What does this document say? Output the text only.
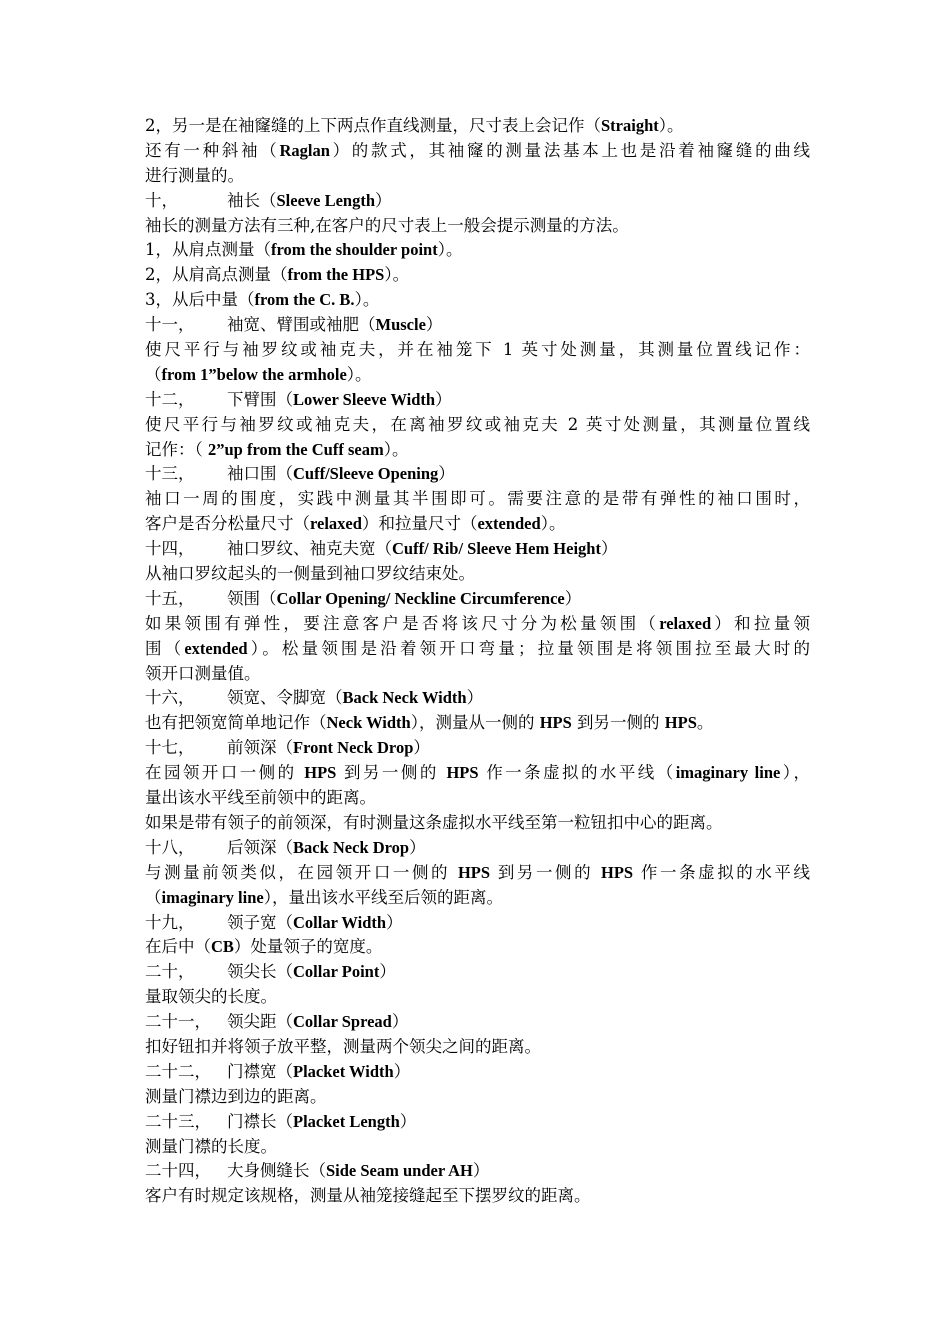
2，另一是在袖窿缝的上下两点作直线测量，尺寸表上会记作（Straight）。
还有一种斜袖（Raglan）的款式，其袖窿的测量法基本上也是沿着袖窿缝的曲线
进行测量的。
十，	袖长（Sleeve Length）
袖长的测量方法有三种,在客户的尺寸表上一般会提示测量的方法。
1，从肩点测量（from the shoulder point）。
2，从肩高点测量（from the HPS）。
3，从后中量（from the C. B.）。
十一， 袖宽、臂围或袖肥（Muscle）
使尺平行与袖罗纹或袖克夫，并在袖笼下 1 英寸处测量，其测量位置线记作：
（from 1”below the armhole）。
十二， 下臂围（Lower Sleeve Width）
使尺平行与袖罗纹或袖克夫，在离袖罗纹或袖克夫 2 英寸处测量，其测量位置线
记作：（ 2”up from the Cuff seam）。
十三， 袖口围（Cuff/Sleeve Opening）
袖口一周的围度，实践中测量其半围即可。需要注意的是带有弹性的袖口围时，
客户是否分松量尺寸（relaxed）和拉量尺寸（extended）。
十四， 袖口罗纹、袖克夫宽（Cuff/ Rib/ Sleeve Hem Height）
从袖口罗纹起头的一侧量到袖口罗纹结束处。
十五， 领围（Collar Opening/ Neckline Circumference）
如果领围有弹性，要注意客户是否将该尺寸分为松量领围（relaxed）和拉量领
围（extended）。松量领围是沿着领开口弯量；拉量领围是将领围拉至最大时的
领开口测量值。
十六， 领宽、令脚宽（Back Neck Width）
也有把领宽简单地记作（Neck Width），测量从一侧的 HPS 到另一侧的 HPS。
十七， 前领深（Front Neck Drop）
在园领开口一侧的 HPS 到另一侧的 HPS 作一条虚拟的水平线（imaginary line），
量出该水平线至前领中的距离。
如果是带有领子的前领深，有时测量这条虚拟水平线至第一粒钮扣中心的距离。
十八， 后领深（Back Neck Drop）
与测量前领类似，在园领开口一侧的 HPS 到另一侧的 HPS 作一条虚拟的水平线
（imaginary line），量出该水平线至后领的距离。
十九， 领子宽（Collar Width）
在后中（CB）处量领子的宽度。
二十， 领尖长（Collar Point）
量取领尖的长度。
二十一， 领尖距（Collar Spread）
扣好钮扣并将领子放平整，测量两个领尖之间的距离。
二十二， 门襟宽（Placket Width）
测量门襟边到边的距离。
二十三， 门襟长（Placket Length）
测量门襟的长度。
二十四， 大身侧缝长（Side Seam under AH）
客户有时规定该规格，测量从袖笼接缝起至下摆罗纹的距离。
